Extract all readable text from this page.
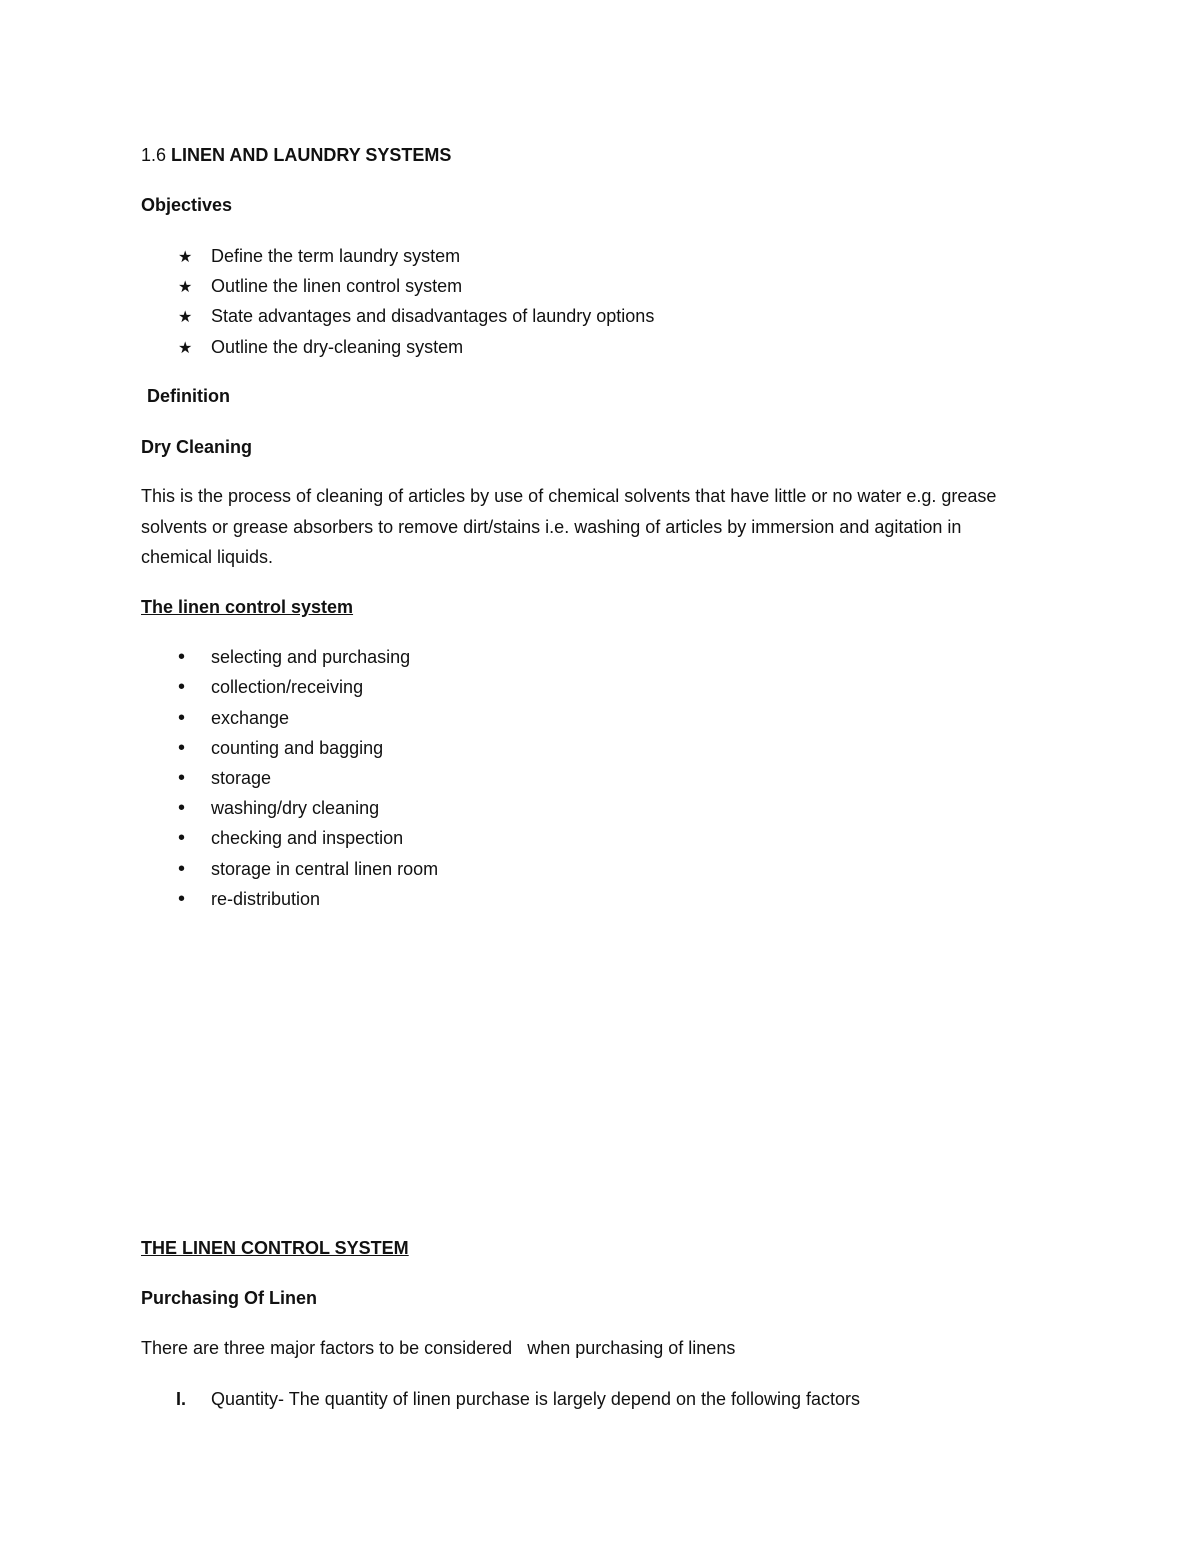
1.6 LINEN AND LAUNDRY SYSTEMS
Objectives
★ Define the term laundry system
★ Outline the linen control system
★ State advantages and disadvantages of laundry options
★ Outline the dry-cleaning system
Definition
Dry Cleaning
This is the process of cleaning of articles by use of chemical solvents that have little or no water e.g. grease solvents or grease absorbers to remove dirt/stains i.e. washing of articles by immersion and agitation in chemical liquids.
The linen control system
• selecting and purchasing
• collection/receiving
• exchange
• counting and bagging
• storage
• washing/dry cleaning
• checking and inspection
• storage in central linen room
• re-distribution
THE LINEN CONTROL SYSTEM
Purchasing Of Linen
There are three major factors to be considered   when purchasing of linens
I. Quantity- The quantity of linen purchase is largely depend on the following factors
